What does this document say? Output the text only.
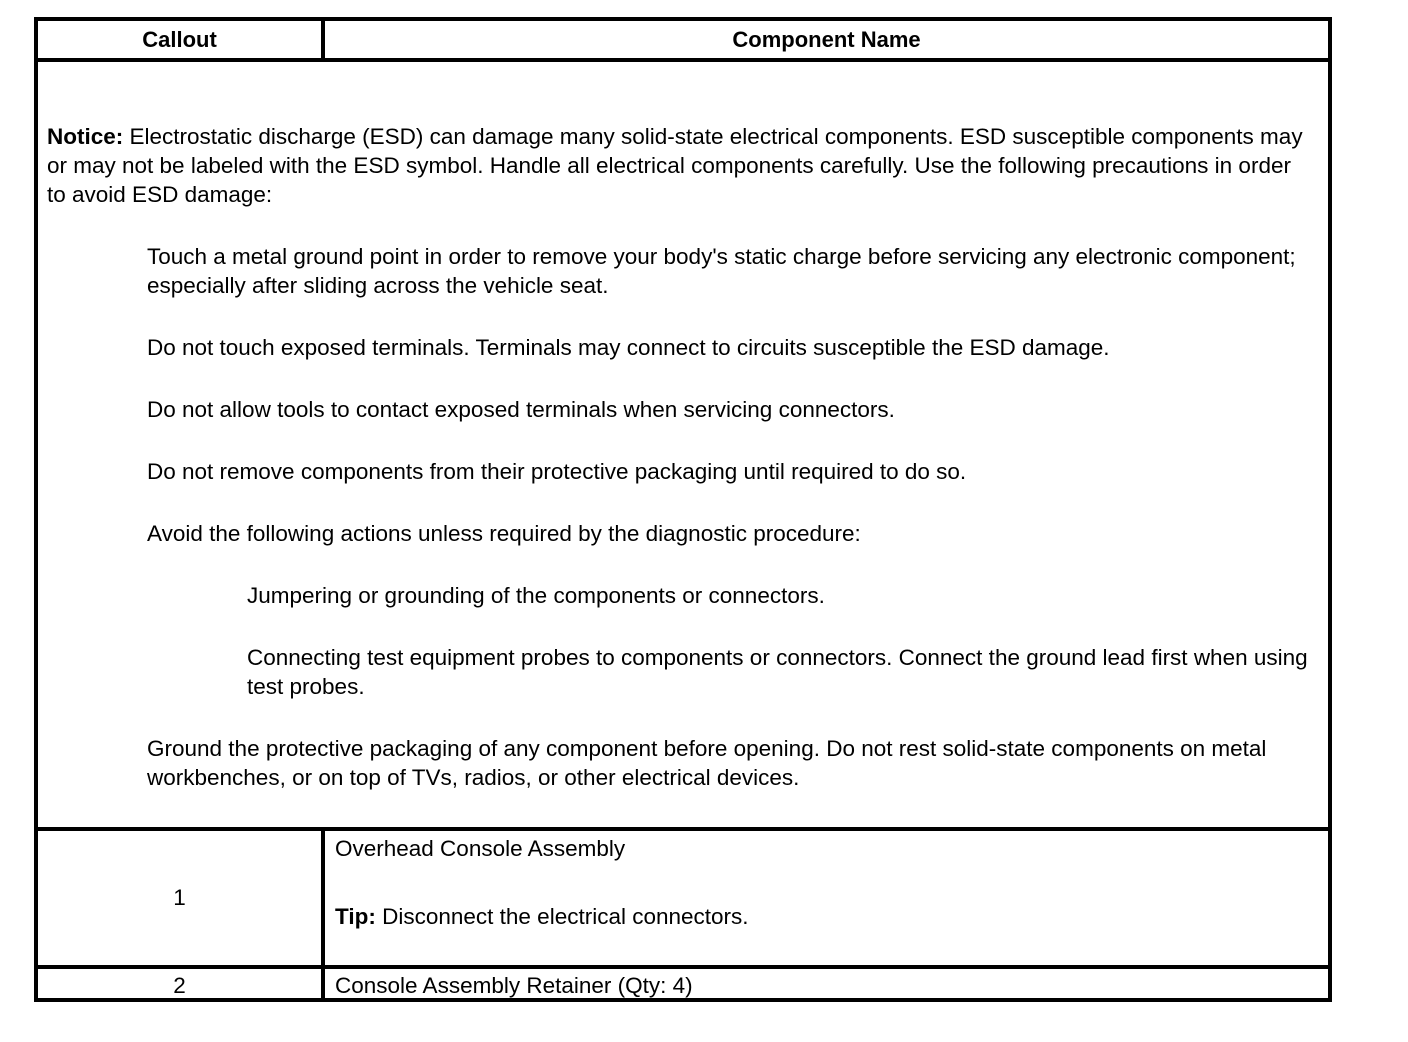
Callout	Component Name

Notice: Electrostatic discharge (ESD) can damage many solid-state electrical components. ESD susceptible components may or may not be labeled with the ESD symbol. Handle all electrical components carefully. Use the following precautions in order to avoid ESD damage:

Touch a metal ground point in order to remove your body's static charge before servicing any electronic component; especially after sliding across the vehicle seat.

Do not touch exposed terminals. Terminals may connect to circuits susceptible the ESD damage.

Do not allow tools to contact exposed terminals when servicing connectors.

Do not remove components from their protective packaging until required to do so.

Avoid the following actions unless required by the diagnostic procedure:

Jumpering or grounding of the components or connectors.

Connecting test equipment probes to components or connectors. Connect the ground lead first when using test probes.

Ground the protective packaging of any component before opening. Do not rest solid-state components on metal workbenches, or on top of TVs, radios, or other electrical devices.

1

Overhead Console Assembly

Tip: Disconnect the electrical connectors.

2	Console Assembly Retainer (Qty: 4)
